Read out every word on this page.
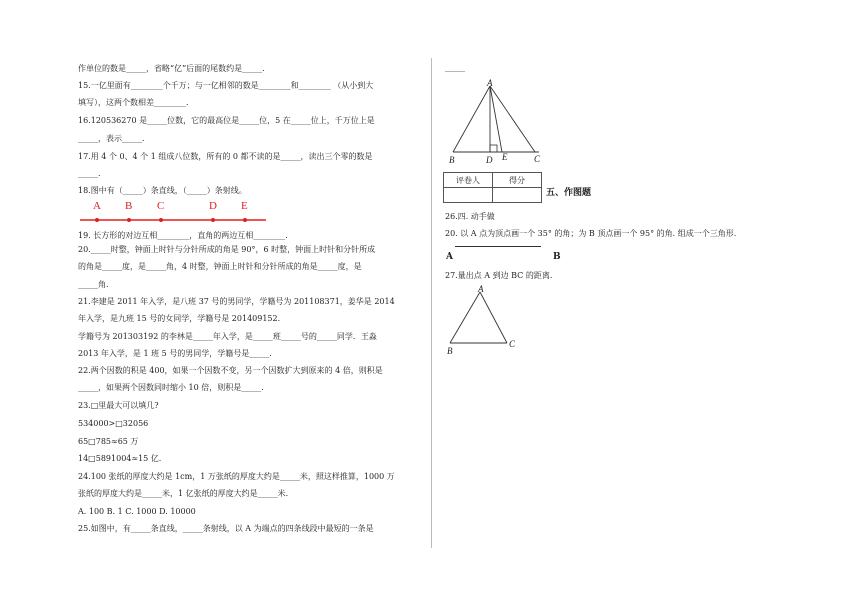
作单位的数是_____，省略“亿”后面的尾数约是_____.
15.一亿里面有________个千万；与一亿相邻的数是________和________ （从小到大
填写），这两个数相差________.
16.120536270 是_____位数，它的最高位是_____位，5 在_____位上，千万位上是
_____，表示_____.
17.用 4 个 0、4 个 1 组成八位数，所有的 0 都不读的是_____，读出三个零的数是
_____.
18.图中有（_____）条直线，（_____）条射线。
A B C	D E
19. 长方形的对边互相________，直角的两边互相________.
20._____时整，钟面上时针与分针所成的角是 90°，6 时整，钟面上时针和分针所成
的角是_____度，是_____角，4 时整，钟面上时针和分针所成的角是_____度，是
_____角.
21.李建是 2011 年入学，是八班 37 号的男同学，学籍号为 201108371，姜华是 2014
年入学，是九班 15 号的女同学，学籍号是 201409152.
学籍号为 201303192 的李林是_____年入学，是_____班_____号的_____同学．王淼
2013 年入学，是 1 班 5 号的男同学，学籍号是_____.
22.两个因数的积是 400，如果一个因数不变，另一个因数扩大到原来的 4 倍，则积是
_____，如果两个因数同时缩小 10 倍，则积是_____.
23.□里最大可以填几?
534000>□32056
65□785≈65 万
14□5891004≈15 亿.
24.100 张纸的厚度大约是 1cm，1 万张纸的厚度大约是_____米，照这样推算，1000 万
张纸的厚度大约是_____米，1 亿张纸的厚度大约是_____米.
A. 100 B. 1 C. 1000 D. 10000
25.如图中，有_____条直线，_____条射线，以 A 为端点的四条线段中最短的一条是
_____
A
B	D E	C
评卷人	得分

五、作图题
26.四. 动手做
20. 以 A 点为顶点画一个 35° 的角；为 B 顶点画一个 95° 的角. 组成一个三角形.
A	B
27.量出点 A 到边 BC 的距离.
A
B
C
